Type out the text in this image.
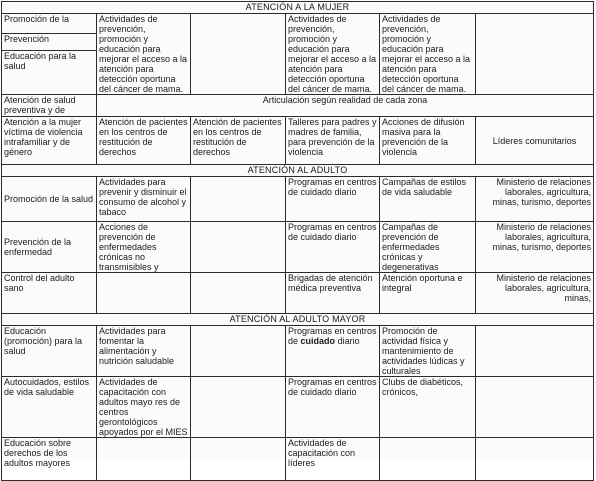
ATENCIÓN A LA MUJER					
Promoción de la	Actividades de prevención, promoción y educación para mejorar el acceso a la atención para detección oportuna del cáncer de mama.		Actividades de prevención, promoción y educación para mejorar el acceso a la atención para detección oportuna del cáncer de mama.	Actividades de prevención, promoción y educación para mejorar el acceso a la atención para detección oportuna del cáncer de mama.	
Prevención					
Educación para la salud					
Atención de salud preventiva y de	Articulación según realidad de cada zona				
Atención a la mujer víctima de violencia intrafamiliar y de género	Atención de pacientes en los centros de restitución de derechos	Atención de pacientes en los centros de restitución de derechos	Talleres para padres y madres de familia, para prevención de la violencia	Acciones de difusión masiva para la prevención de la violencia	Líderes comunitarios
ATENCIÓN AL ADULTO					
Promoción de la salud	Actividades para prevenir y disminuir el consumo de alcohol y tabaco		Programas en centros de cuidado diario	Campañas de estilos de vida saludable	Ministerio de relaciones laborales, agricultura, minas, turismo, deportes
Prevención de la enfermedad	Acciones de prevención de enfermedades crónicas no transmisibles y		Programas en centros de cuidado diario	Campañas de prevención de enfermedades crónicas y degenerativas	Ministerio de relaciones laborales, agricultura, minas, turismo, deportes
Control del adulto sano			Brigadas de atención médica preventiva	Atención oportuna e integral	Ministerio de relaciones laborales, agricultura, minas,
ATENCIÓN AL ADULTO MAYOR					
Educación (promoción) para la salud	Actividades para fomentar la alimentación y nutrición saludable		Programas en centros de cuidado diario	Promoción de actividad física y mantenimiento de actividades lúdicas y culturales	
Autocuidados, estilos de vida saludable	Actividades de capacitación con adultos mayo res de centros gerontológicos apoyados por el MIES		Programas en centros de cuidado diario	Clubs de diabéticos, crónicos,	
Educación sobre derechos de los adultos mayores			Actividades de capacitación con líderes		
